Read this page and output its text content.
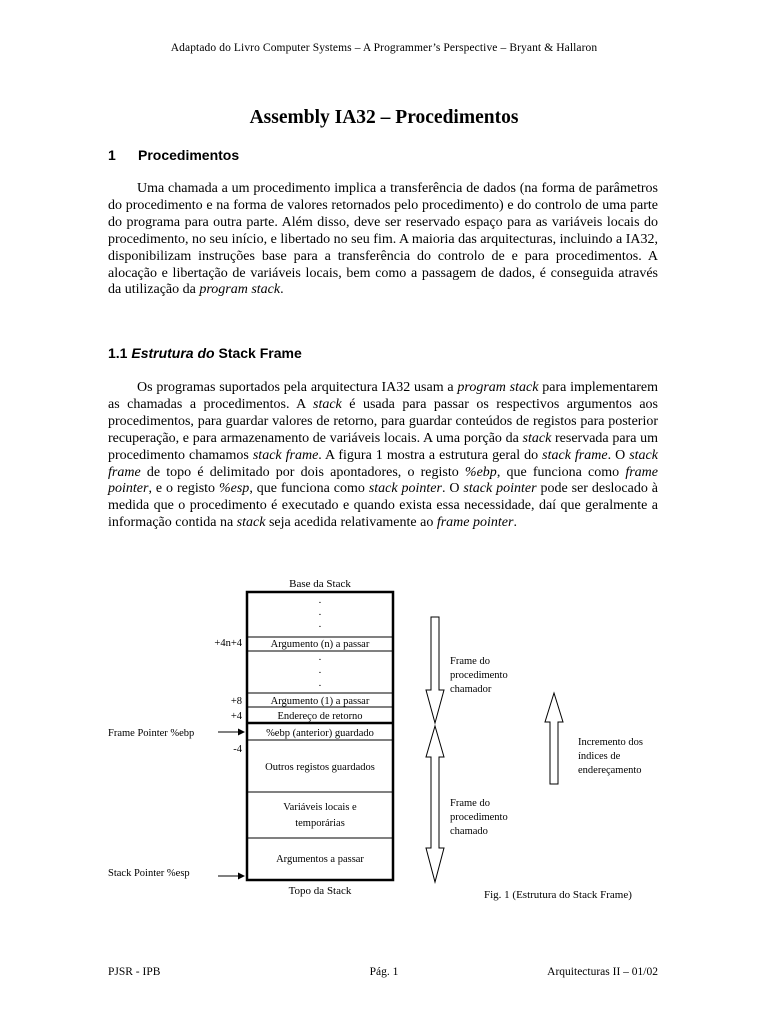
Adaptado do Livro Computer Systems – A Programmer’s Perspective – Bryant & Hallaron
Assembly IA32 – Procedimentos
1 Procedimentos
Uma chamada a um procedimento implica a transferência de dados (na forma de parâmetros do procedimento e na forma de valores retornados pelo procedimento) e do controlo de uma parte do programa para outra parte. Além disso, deve ser reservado espaço para as variáveis locais do procedimento, no seu início, e libertado no seu fim. A maioria das arquitecturas, incluindo a IA32, disponibilizam instruções base para a transferência do controlo de e para procedimentos. A alocação e libertação de variáveis locais, bem como a passagem de dados, é conseguida através da utilização da program stack.
1.1 Estrutura do Stack Frame
Os programas suportados pela arquitectura IA32 usam a program stack para implementarem as chamadas a procedimentos. A stack é usada para passar os respectivos argumentos aos procedimentos, para guardar valores de retorno, para guardar conteúdos de registos para posterior recuperação, e para armazenamento de variáveis locais. A uma porção da stack reservada para um procedimento chamamos stack frame. A figura 1 mostra a estrutura geral do stack frame. O stack frame de topo é delimitado por dois apontadores, o registo %ebp, que funciona como frame pointer, e o registo %esp, que funciona como stack pointer. O stack pointer pode ser deslocado à medida que o procedimento é executado e quando exista essa necessidade, daí que geralmente a informação contida na stack seja acedida relativamente ao frame pointer.
Base da Stack
Topo da Stack
·
·
·
·
·
·
Argumento (n) a passar
Argumento (1) a passar
Endereço de retorno
%ebp (anterior) guardado
Outros registos guardados
Variáveis locais e
temporárias
Argumentos a passar
+4n+4
+8
+4
-4
Frame Pointer %ebp
Stack Pointer %esp
Frame do
procedimento
chamador
Frame do
procedimento
chamado
Incremento dos
índices de
endereçamento
Fig. 1 (Estrutura do Stack Frame)
PJSR - IPB	Pág. 1	Arquitecturas II – 01/02
